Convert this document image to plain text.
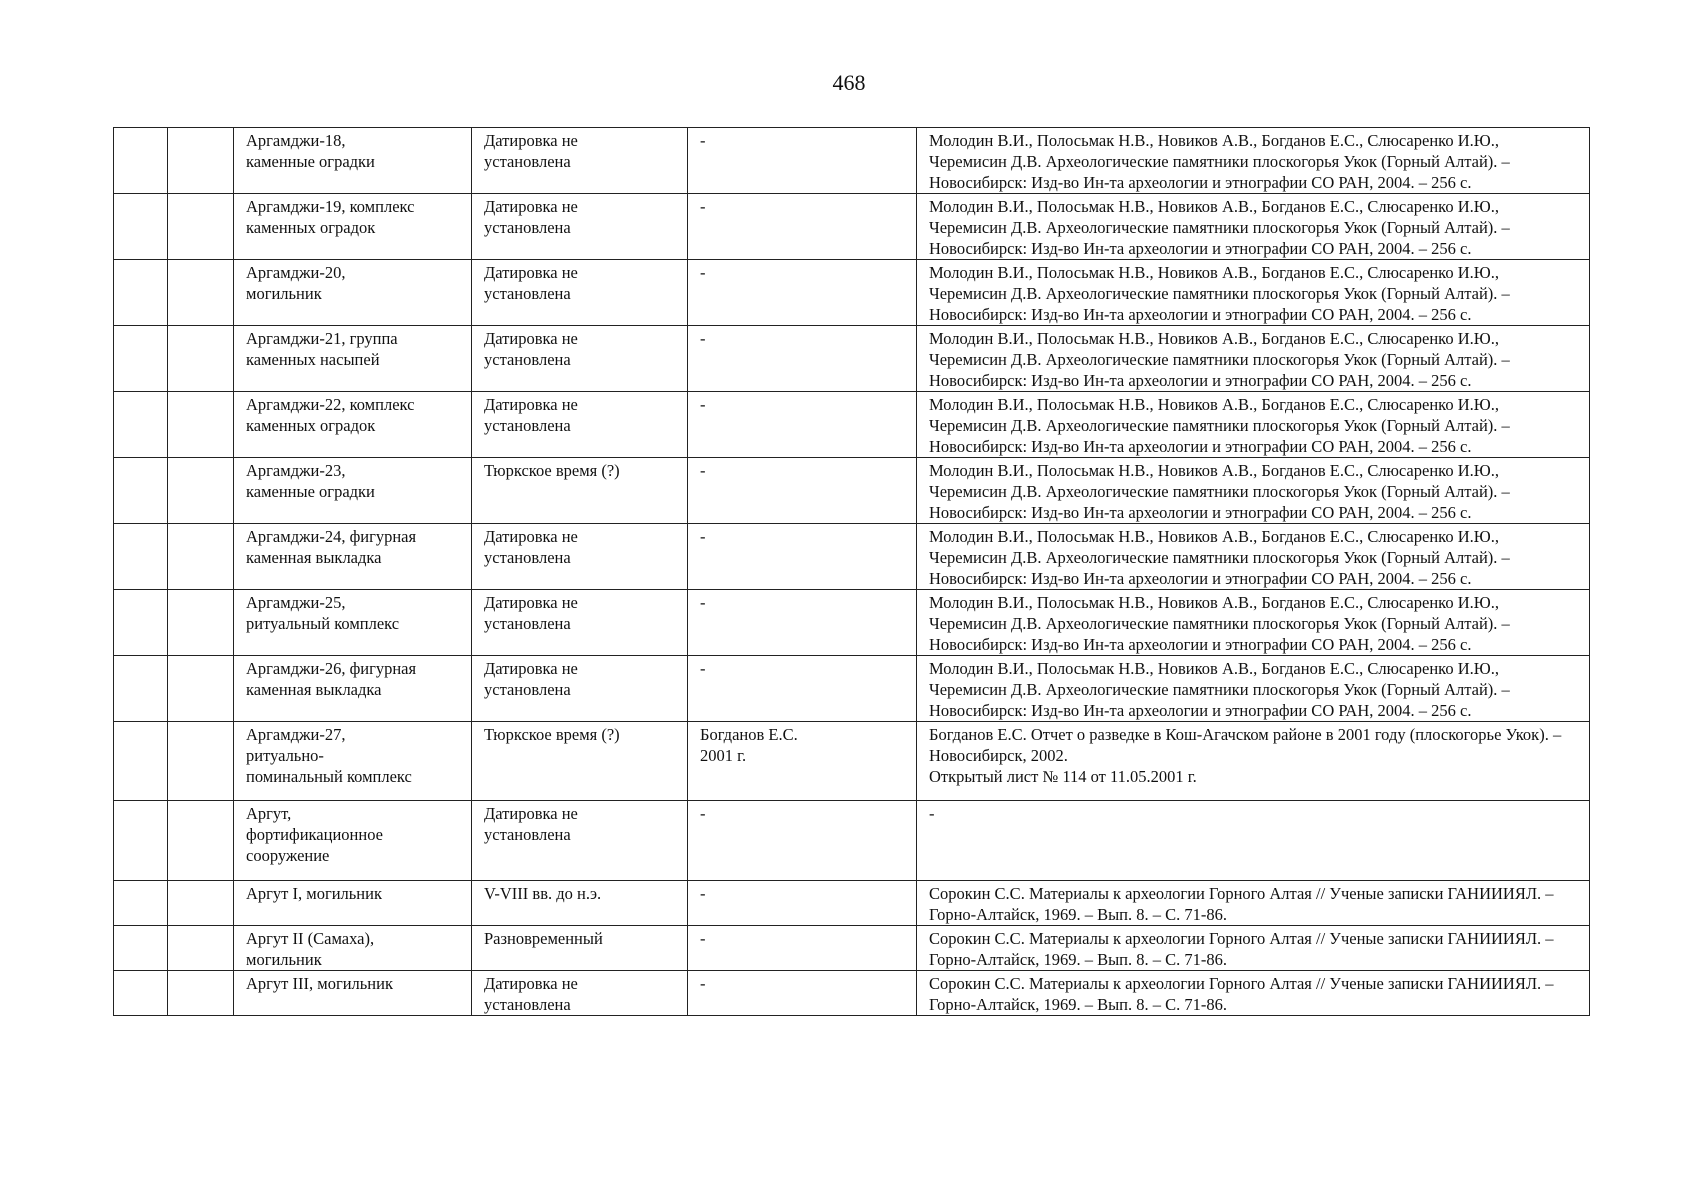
468

		Аргамджи-18,
каменные оградки	Датировка не
установлена	-	Молодин В.И., Полосьмак Н.В., Новиков А.В., Богданов Е.С., Слюсаренко И.Ю., Черемисин Д.В. Археологические памятники плоскогорья Укок (Горный Алтай). – Новосибирск: Изд-во Ин-та археологии и этнографии СО РАН, 2004. – 256 с.

		Аргамджи-19, комплекс
каменных оградок	Датировка не
установлена	-	Молодин В.И., Полосьмак Н.В., Новиков А.В., Богданов Е.С., Слюсаренко И.Ю., Черемисин Д.В. Археологические памятники плоскогорья Укок (Горный Алтай). – Новосибирск: Изд-во Ин-та археологии и этнографии СО РАН, 2004. – 256 с.

		Аргамджи-20,
могильник	Датировка не
установлена	-	Молодин В.И., Полосьмак Н.В., Новиков А.В., Богданов Е.С., Слюсаренко И.Ю., Черемисин Д.В. Археологические памятники плоскогорья Укок (Горный Алтай). – Новосибирск: Изд-во Ин-та археологии и этнографии СО РАН, 2004. – 256 с.

		Аргамджи-21, группа
каменных насыпей	Датировка не
установлена	-	Молодин В.И., Полосьмак Н.В., Новиков А.В., Богданов Е.С., Слюсаренко И.Ю., Черемисин Д.В. Археологические памятники плоскогорья Укок (Горный Алтай). – Новосибирск: Изд-во Ин-та археологии и этнографии СО РАН, 2004. – 256 с.

		Аргамджи-22, комплекс
каменных оградок	Датировка не
установлена	-	Молодин В.И., Полосьмак Н.В., Новиков А.В., Богданов Е.С., Слюсаренко И.Ю., Черемисин Д.В. Археологические памятники плоскогорья Укок (Горный Алтай). – Новосибирск: Изд-во Ин-та археологии и этнографии СО РАН, 2004. – 256 с.

		Аргамджи-23,
каменные оградки	Тюркское время (?)	-	Молодин В.И., Полосьмак Н.В., Новиков А.В., Богданов Е.С., Слюсаренко И.Ю., Черемисин Д.В. Археологические памятники плоскогорья Укок (Горный Алтай). – Новосибирск: Изд-во Ин-та археологии и этнографии СО РАН, 2004. – 256 с.

		Аргамджи-24, фигурная
каменная выкладка	Датировка не
установлена	-	Молодин В.И., Полосьмак Н.В., Новиков А.В., Богданов Е.С., Слюсаренко И.Ю., Черемисин Д.В. Археологические памятники плоскогорья Укок (Горный Алтай). – Новосибирск: Изд-во Ин-та археологии и этнографии СО РАН, 2004. – 256 с.

		Аргамджи-25,
ритуальный комплекс	Датировка не
установлена	-	Молодин В.И., Полосьмак Н.В., Новиков А.В., Богданов Е.С., Слюсаренко И.Ю., Черемисин Д.В. Археологические памятники плоскогорья Укок (Горный Алтай). – Новосибирск: Изд-во Ин-та археологии и этнографии СО РАН, 2004. – 256 с.

		Аргамджи-26, фигурная
каменная выкладка	Датировка не
установлена	-	Молодин В.И., Полосьмак Н.В., Новиков А.В., Богданов Е.С., Слюсаренко И.Ю., Черемисин Д.В. Археологические памятники плоскогорья Укок (Горный Алтай). – Новосибирск: Изд-во Ин-та археологии и этнографии СО РАН, 2004. – 256 с.

		Аргамджи-27,
ритуально-
поминальный комплекс	Тюркское время (?)	Богданов Е.С.
2001 г.	Богданов Е.С. Отчет о разведке в Кош-Агачском районе в 2001 году (плоскогорье Укок). – Новосибирск, 2002.
Открытый лист № 114 от 11.05.2001 г.

		Аргут,
фортификационное
сооружение	Датировка не
установлена	-	-

		Аргут I, могильник	V-VIII вв. до н.э.	-	Сорокин С.С. Материалы к археологии Горного Алтая // Ученые записки ГАНИИИЯЛ. – Горно-Алтайск, 1969. – Вып. 8. – С. 71-86.

		Аргут II (Самаха),
могильник	Разновременный	-	Сорокин С.С. Материалы к археологии Горного Алтая // Ученые записки ГАНИИИЯЛ. – Горно-Алтайск, 1969. – Вып. 8. – С. 71-86.

		Аргут III, могильник	Датировка не
установлена	-	Сорокин С.С. Материалы к археологии Горного Алтая // Ученые записки ГАНИИИЯЛ. – Горно-Алтайск, 1969. – Вып. 8. – С. 71-86.
